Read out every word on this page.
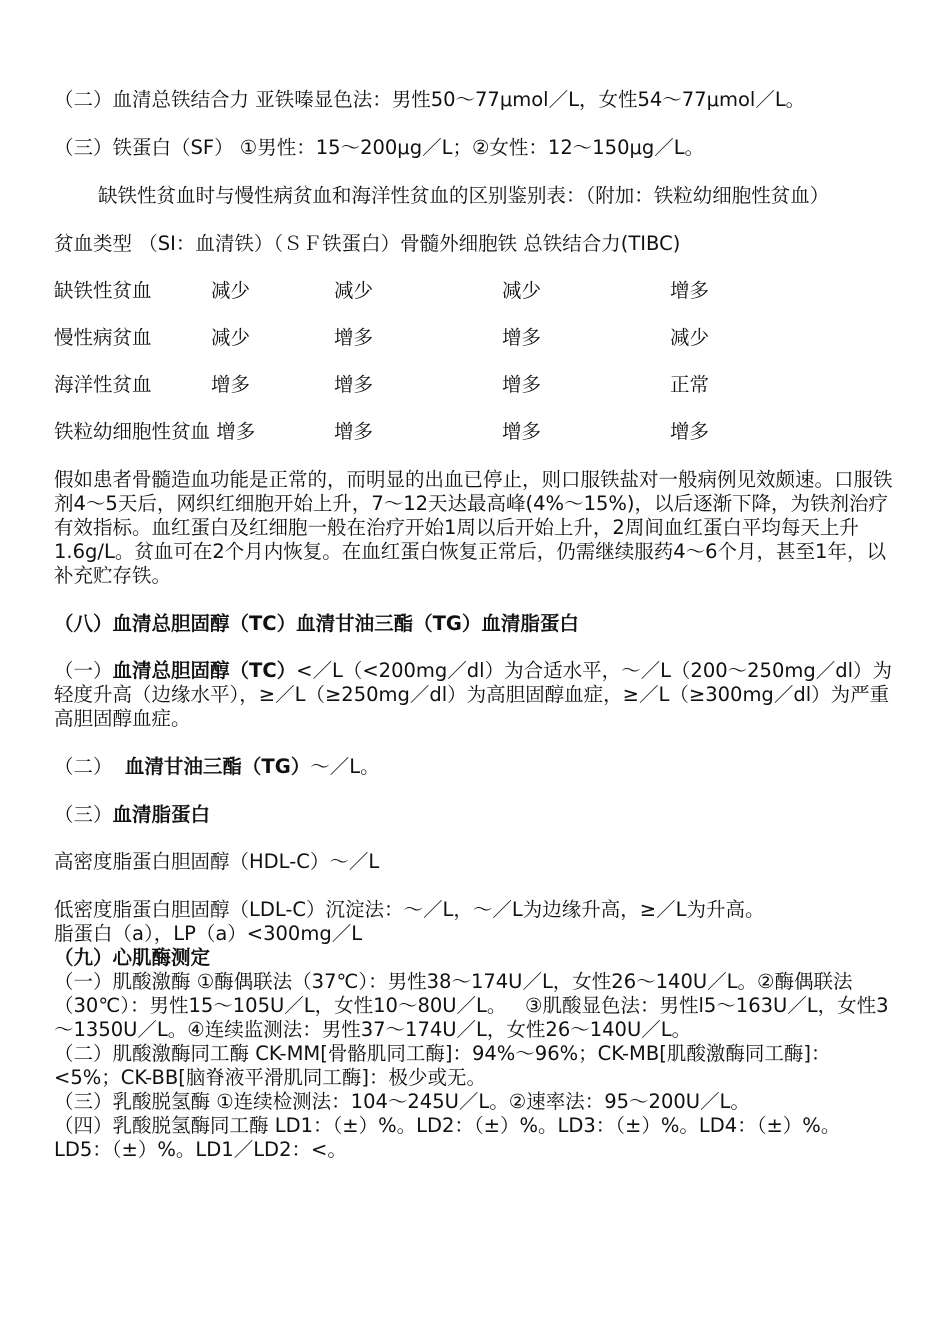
（二）血清总铁结合力 亚铁嗪显色法：男性50～77μmol／L，女性54～77μmol／L。

（三）铁蛋白（SF） ①男性：15～200μg／L；②女性：12～150μg／L。

缺铁性贫血时与慢性病贫血和海洋性贫血的区别鉴别表：（附加：铁粒幼细胞性贫血）

贫血类型 （SI：血清铁）（ＳＦ铁蛋白）骨髓外细胞铁 总铁结合力(TIBC)

缺铁性贫血	减少	减少	减少	增多
慢性病贫血	减少	增多	增多	减少
海洋性贫血	增多	增多	增多	正常
铁粒幼细胞性贫血 增多	增多	增多	增多

假如患者骨髓造血功能是正常的，而明显的出血已停止，则口服铁盐对一般病例见效颇速。口服铁剂4～5天后，网织红细胞开始上升，7～12天达最高峰(4%～15%)，以后逐渐下降，为铁剂治疗有效指标。血红蛋白及红细胞一般在治疗开始1周以后开始上升，2周间血红蛋白平均每天上升1.6g/L。贫血可在2个月内恢复。在血红蛋白恢复正常后，仍需继续服药4～6个月，甚至1年，以补充贮存铁。

（八）血清总胆固醇（TC）血清甘油三酯（TG）血清脂蛋白

（一）血清总胆固醇（TC）<／L（<200mg／dl）为合适水平，～／L（200～250mg／dl）为轻度升高（边缘水平），≥／L（≥250mg／dl）为高胆固醇血症，≥／L（≥300mg／dl）为严重高胆固醇血症。

（二）  血清甘油三酯（TG）～／L。

（三）血清脂蛋白

高密度脂蛋白胆固醇（HDL-C）～／L

低密度脂蛋白胆固醇（LDL-C）沉淀法：～／L，～／L为边缘升高，≥／L为升高。

脂蛋白（a），LP（a）<300mg／L

（九）心肌酶测定

（一）肌酸激酶 ①酶偶联法（37℃）：男性38～174U／L，女性26～140U／L。②酶偶联法（30℃）：男性15～105U／L，女性10～80U／L。   ③肌酸显色法：男性l5～163U／L，女性3～1350U／L。④连续监测法：男性37～174U／L，女性26～140U／L。

（二）肌酸激酶同工酶 CK-MM[骨骼肌同工酶]：94%～96%；CK-MB[肌酸激酶同工酶]：<5%；CK-BB[脑脊液平滑肌同工酶]：极少或无。

（三）乳酸脱氢酶 ①连续检测法：104～245U／L。②速率法：95～200U／L。

（四）乳酸脱氢酶同工酶 LD1：（±）%。LD2：（±）%。LD3：（±）%。LD4：（±）%。LD5：（±）%。LD1／LD2：<。
